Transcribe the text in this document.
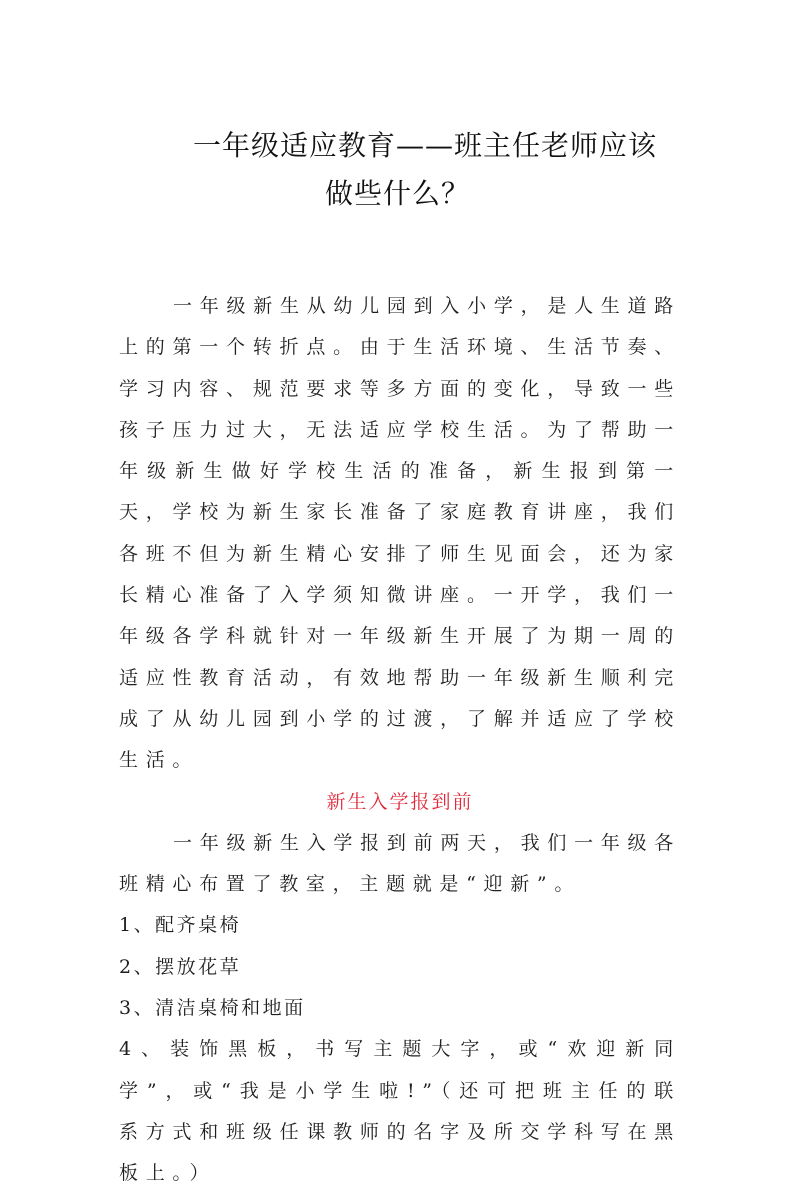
一年级适应教育——班主任老师应该
做些什么？

一年级新生从幼儿园到入小学，是人生道路上的第一个转折点。由于生活环境、生活节奏、学习内容、规范要求等多方面的变化，导致一些孩子压力过大，无法适应学校生活。为了帮助一年级新生做好学校生活的准备，新生报到第一天，学校为新生家长准备了家庭教育讲座，我们各班不但为新生精心安排了师生见面会，还为家长精心准备了入学须知微讲座。一开学，我们一年级各学科就针对一年级新生开展了为期一周的适应性教育活动，有效地帮助一年级新生顺利完成了从幼儿园到小学的过渡，了解并适应了学校生活。

新生入学报到前

一年级新生入学报到前两天，我们一年级各班精心布置了教室，主题就是“迎新”。

1、配齐桌椅

2、摆放花草

3、清洁桌椅和地面

4、装饰黑板，书写主题大字，或“欢迎新同学”，或“我是小学生啦!”（还可把班主任的联系方式和班级任课教师的名字及所交学科写在黑板上。）
